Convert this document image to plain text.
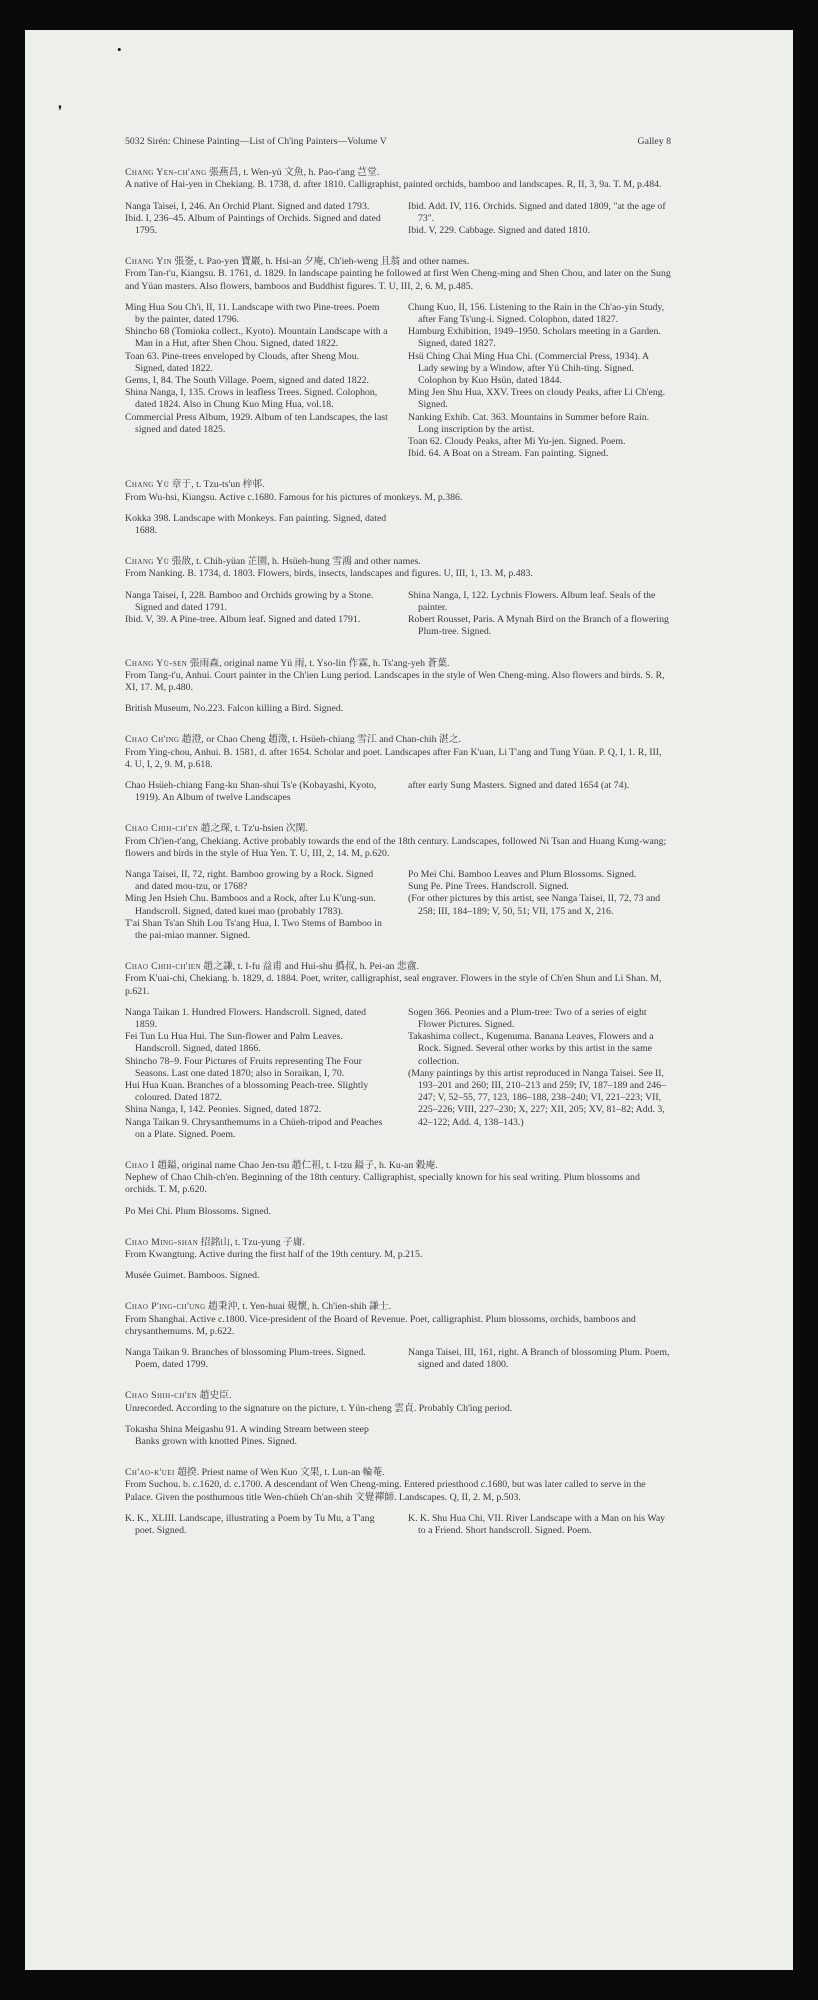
•
❜
5032 Sirén: Chinese Painting—List of Ch'ing Painters—Volume V	Galley 8

Chang Yen-ch'ang 張燕昌, t. Wen-yü 文魚, h. Pao-t'ang 芑堂.

A native of Hai-yen in Chekiang. B. 1738, d. after 1810. Calligraphist, painted orchids, bamboo and landscapes. R, II, 3, 9a. T. M, p.484.

Nanga Taisei, I, 246. An Orchid Plant. Signed and dated 1793.

Ibid. I, 236–45. Album of Paintings of Orchids. Signed and dated 1795.

Ibid. Add. IV, 116. Orchids. Signed and dated 1809, "at the age of 73".

Ibid. V, 229. Cabbage. Signed and dated 1810.

Chang Yin 張崟, t. Pao-yen 寶巖, h. Hsi-an 夕庵, Ch'ieh-weng 且翁 and other names.

From Tan-t'u, Kiangsu. B. 1761, d. 1829. In landscape painting he followed at first Wen Cheng-ming and Shen Chou, and later on the Sung and Yüan masters. Also flowers, bamboos and Buddhist figures. T. U, III, 2, 6. M, p.485.

Ming Hua Sou Ch'i, II, 11. Landscape with two Pine-trees. Poem by the painter, dated 1796.

Shincho 68 (Tomioka collect., Kyoto). Mountain Landscape with a Man in a Hut, after Shen Chou. Signed, dated 1822.

Toan 63. Pine-trees enveloped by Clouds, after Sheng Mou. Signed, dated 1822.

Gems, I, 84. The South Village. Poem, signed and dated 1822.

Shina Nanga, I, 135. Crows in leafless Trees. Signed. Colophon, dated 1824. Also in Chung Kuo Ming Hua, vol.18.

Commercial Press Album, 1929. Album of ten Landscapes, the last signed and dated 1825.

Chung Kuo, II, 156. Listening to the Rain in the Ch'ao-yin Study, after Fang Ts'ung-i. Signed. Colophon, dated 1827.

Hamburg Exhibition, 1949–1950. Scholars meeting in a Garden. Signed, dated 1827.

Hsü Ching Chai Ming Hua Chi. (Commercial Press, 1934). A Lady sewing by a Window, after Yü Chih-ting. Signed. Colophon by Kuo Hsün, dated 1844.

Ming Jen Shu Hua, XXV. Trees on cloudy Peaks, after Li Ch'eng. Signed.

Nanking Exhib. Cat. 363. Mountains in Summer before Rain. Long inscription by the artist.

Toan 62. Cloudy Peaks, after Mi Yu-jen. Signed. Poem.

Ibid. 64. A Boat on a Stream. Fan painting. Signed.

Chang Yü 章于, t. Tzu-ts'un 梓邨.

From Wu-hsi, Kiangsu. Active c.1680. Famous for his pictures of monkeys. M, p.386.

Kokka 398. Landscape with Monkeys. Fan painting. Signed, dated 1688.

Chang Yü 張敔, t. Chih-yüan 芷園, h. Hsüeh-hung 雪鴻 and other names.

From Nanking. B. 1734, d. 1803. Flowers, birds, insects, landscapes and figures. U, III, 1, 13. M, p.483.

Nanga Taisei, I, 228. Bamboo and Orchids growing by a Stone. Signed and dated 1791.

Ibid. V, 39. A Pine-tree. Album leaf. Signed and dated 1791.

Shina Nanga, I, 122. Lychnis Flowers. Album leaf. Seals of the painter.

Robert Rousset, Paris. A Mynah Bird on the Branch of a flowering Plum-tree. Signed.

Chang Yü-sen 張雨森, original name Yü 雨, t. Yso-lin 作霖, h. Ts'ang-yeh 蒼葉.

From Tang-t'u, Anhui. Court painter in the Ch'ien Lung period. Landscapes in the style of Wen Cheng-ming. Also flowers and birds. S. R, XI, 17. M, p.480.

British Museum, No.223. Falcon killing a Bird. Signed.

Chao Ch'ing 趙澄, or Chao Cheng 趙澂, t. Hsüeh-chiang 雪江 and Chan-chih 湛之.

From Ying-chou, Anhui. B. 1581, d. after 1654. Scholar and poet. Landscapes after Fan K'uan, Li T'ang and Tung Yüan. P. Q, I, 1. R, III, 4. U, I, 2, 9. M, p.618.

Chao Hsüeh-chiang Fang-ku Shan-shui Ts'e (Kobayashi, Kyoto, 1919). An Album of twelve Landscapes

after early Sung Masters. Signed and dated 1654 (at 74).

Chao Chih-ch'en 趙之琛, t. Tz'u-hsien 次閑.

From Ch'ien-t'ang, Chekiang. Active probably towards the end of the 18th century. Landscapes, followed Ni Tsan and Huang Kung-wang; flowers and birds in the style of Hua Yen. T. U, III, 2, 14. M, p.620.

Nanga Taisei, II, 72, right. Bamboo growing by a Rock. Signed and dated mou-tzu, or 1768?

Ming Jen Hsieh Chu. Bamboos and a Rock, after Lu K'ung-sun. Handscroll. Signed, dated kuei mao (probably 1783).

T'ai Shan Ts'an Shih Lou Ts'ang Hua, I. Two Stems of Bamboo in the pai-miao manner. Signed.

Po Mei Chi. Bamboo Leaves and Plum Blossoms. Signed.

Sung Pe. Pine Trees. Handscroll. Signed.

(For other pictures by this artist, see Nanga Taisei, II, 72, 73 and 258; III, 184–189; V, 50, 51; VII, 175 and X, 216.

Chao Chih-ch'ien 趙之謙, t. I-fu 益甫 and Hui-shu 撝叔, h. Pei-an 悲盦.

From K'uai-chi, Chekiang. b. 1829, d. 1884. Poet, writer, calligraphist, seal engraver. Flowers in the style of Ch'en Shun and Li Shan. M, p.621.

Nanga Taikan 1. Hundred Flowers. Handscroll. Signed, dated 1859.

Fei Tun Lu Hua Hui. The Sun-flower and Palm Leaves. Handscroll. Signed, dated 1866.

Shincho 78–9. Four Pictures of Fruits representing The Four Seasons. Last one dated 1870; also in Soraikan, I, 70.

Hui Hua Kuan. Branches of a blossoming Peach-tree. Slightly coloured. Dated 1872.

Shina Nanga, I, 142. Peonies. Signed, dated 1872.

Nanga Taikan 9. Chrysanthemums in a Chüeh-tripod and Peaches on a Plate. Signed. Poem.

Sogen 366. Peonies and a Plum-tree: Two of a series of eight Flower Pictures. Signed.

Takashima collect., Kugenuma. Banana Leaves, Flowers and a Rock. Signed. Several other works by this artist in the same collection.

(Many paintings by this artist reproduced in Nanga Taisei. See II, 193–201 and 260; III, 210–213 and 259; IV, 187–189 and 246–247; V, 52–55, 77, 123, 186–188, 238–240; VI, 221–223; VII, 225–226; VIII, 227–230; X, 227; XII, 205; XV, 81–82; Add. 3, 42–122; Add. 4, 138–143.)

Chao I 趙鎰, original name Chao Jen-tsu 趙仁祖, t. I-tzu 鎰子, h. Ku-an 穀庵.

Nephew of Chao Chih-ch'en. Beginning of the 18th century. Calligraphist, specially known for his seal writing. Plum blossoms and orchids. T. M, p.620.

Po Mei Chi. Plum Blossoms. Signed.

Chao Ming-shan 招銘山, t. Tzu-yung 子庸.

From Kwangtung. Active during the first half of the 19th century. M, p.215.

Musée Guimet. Bamboos. Signed.

Chao P'ing-ch'ung 趙秉沖, t. Yen-huai 硯懷, h. Ch'ien-shih 謙士.

From Shanghai. Active c.1800. Vice-president of the Board of Revenue. Poet, calligraphist. Plum blossoms, orchids, bamboos and chrysanthemums. M, p.622.

Nanga Taikan 9. Branches of blossoming Plum-trees. Signed. Poem, dated 1799.

Nanga Taisei, III, 161, right. A Branch of blossoming Plum. Poem, signed and dated 1800.

Chao Shih-ch'en 趙史臣.

Unrecorded. According to the signature on the picture, t. Yün-cheng 雲貞. Probably Ch'ing period.

Tokasha Shina Meigashu 91. A winding Stream between steep Banks grown with knotted Pines. Signed.

Ch'ao-k'uei 超揆. Priest name of Wen Kuo 文果, t. Lun-an 輪菴.

From Suchou. b. c.1620, d. c.1700. A descendant of Wen Cheng-ming. Entered priesthood c.1680, but was later called to serve in the Palace. Given the posthumous title Wen-chüeh Ch'an-shih 文覺禪師. Landscapes. Q, II, 2. M, p.503.

K. K., XLIII. Landscape, illustrating a Poem by Tu Mu, a T'ang poet. Signed.

K. K. Shu Hua Chi, VII. River Landscape with a Man on his Way to a Friend. Short handscroll. Signed. Poem.
